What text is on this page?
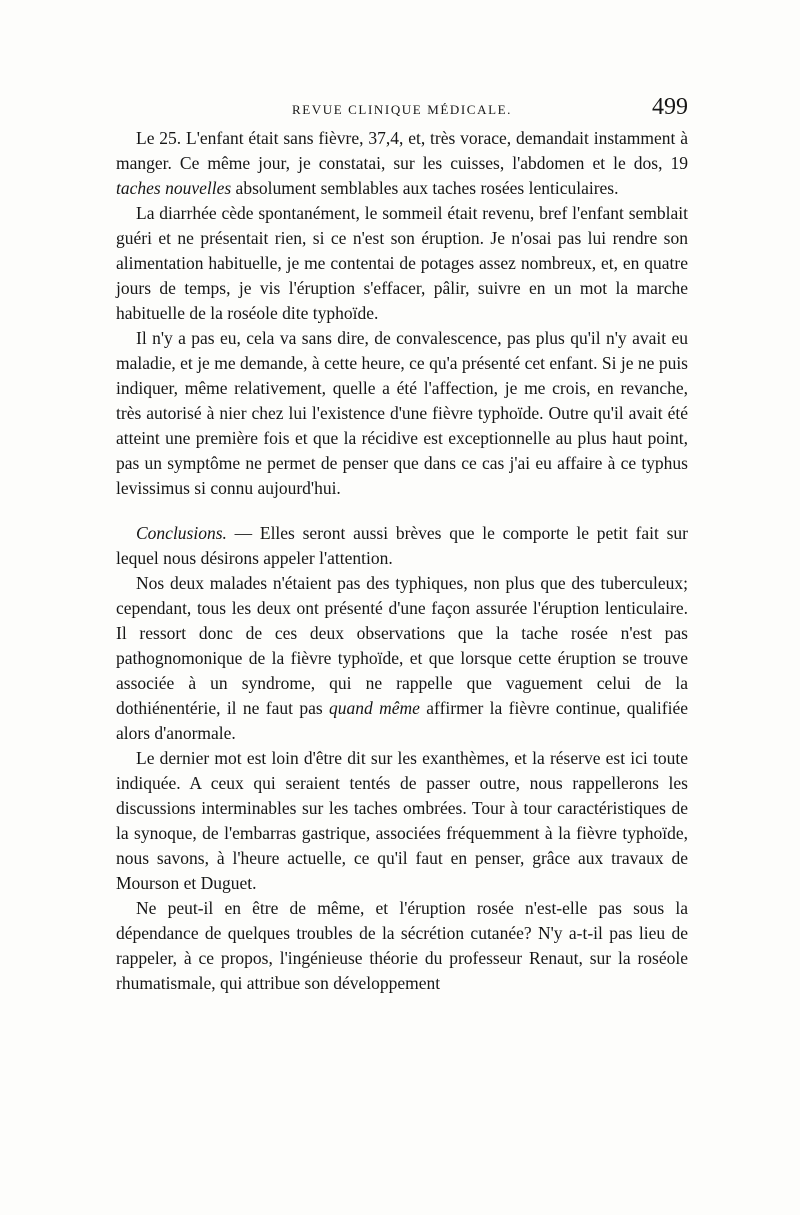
REVUE CLINIQUE MÉDICALE.	499

Le 25. L'enfant était sans fièvre, 37,4, et, très vorace, demandait instamment à manger. Ce même jour, je constatai, sur les cuisses, l'abdomen et le dos, 19 taches nouvelles absolument semblables aux taches rosées lenticulaires.

La diarrhée cède spontanément, le sommeil était revenu, bref l'enfant semblait guéri et ne présentait rien, si ce n'est son éruption. Je n'osai pas lui rendre son alimentation habituelle, je me contentai de potages assez nombreux, et, en quatre jours de temps, je vis l'éruption s'effacer, pâlir, suivre en un mot la marche habituelle de la roséole dite typhoïde.

Il n'y a pas eu, cela va sans dire, de convalescence, pas plus qu'il n'y avait eu maladie, et je me demande, à cette heure, ce qu'a présenté cet enfant. Si je ne puis indiquer, même relativement, quelle a été l'affection, je me crois, en revanche, très autorisé à nier chez lui l'existence d'une fièvre typhoïde. Outre qu'il avait été atteint une première fois et que la récidive est exceptionnelle au plus haut point, pas un symptôme ne permet de penser que dans ce cas j'ai eu affaire à ce typhus levissimus si connu aujourd'hui.

Conclusions. — Elles seront aussi brèves que le comporte le petit fait sur lequel nous désirons appeler l'attention.

Nos deux malades n'étaient pas des typhiques, non plus que des tuberculeux; cependant, tous les deux ont présenté d'une façon assurée l'éruption lenticulaire. Il ressort donc de ces deux observations que la tache rosée n'est pas pathognomonique de la fièvre typhoïde, et que lorsque cette éruption se trouve associée à un syndrome, qui ne rappelle que vaguement celui de la dothiénentérie, il ne faut pas quand même affirmer la fièvre continue, qualifiée alors d'anormale.

Le dernier mot est loin d'être dit sur les exanthèmes, et la réserve est ici toute indiquée. A ceux qui seraient tentés de passer outre, nous rappellerons les discussions interminables sur les taches ombrées. Tour à tour caractéristiques de la synoque, de l'embarras gastrique, associées fréquemment à la fièvre typhoïde, nous savons, à l'heure actuelle, ce qu'il faut en penser, grâce aux travaux de Mourson et Duguet.

Ne peut-il en être de même, et l'éruption rosée n'est-elle pas sous la dépendance de quelques troubles de la sécrétion cutanée? N'y a-t-il pas lieu de rappeler, à ce propos, l'ingénieuse théorie du professeur Renaut, sur la roséole rhumatismale, qui attribue son développement
